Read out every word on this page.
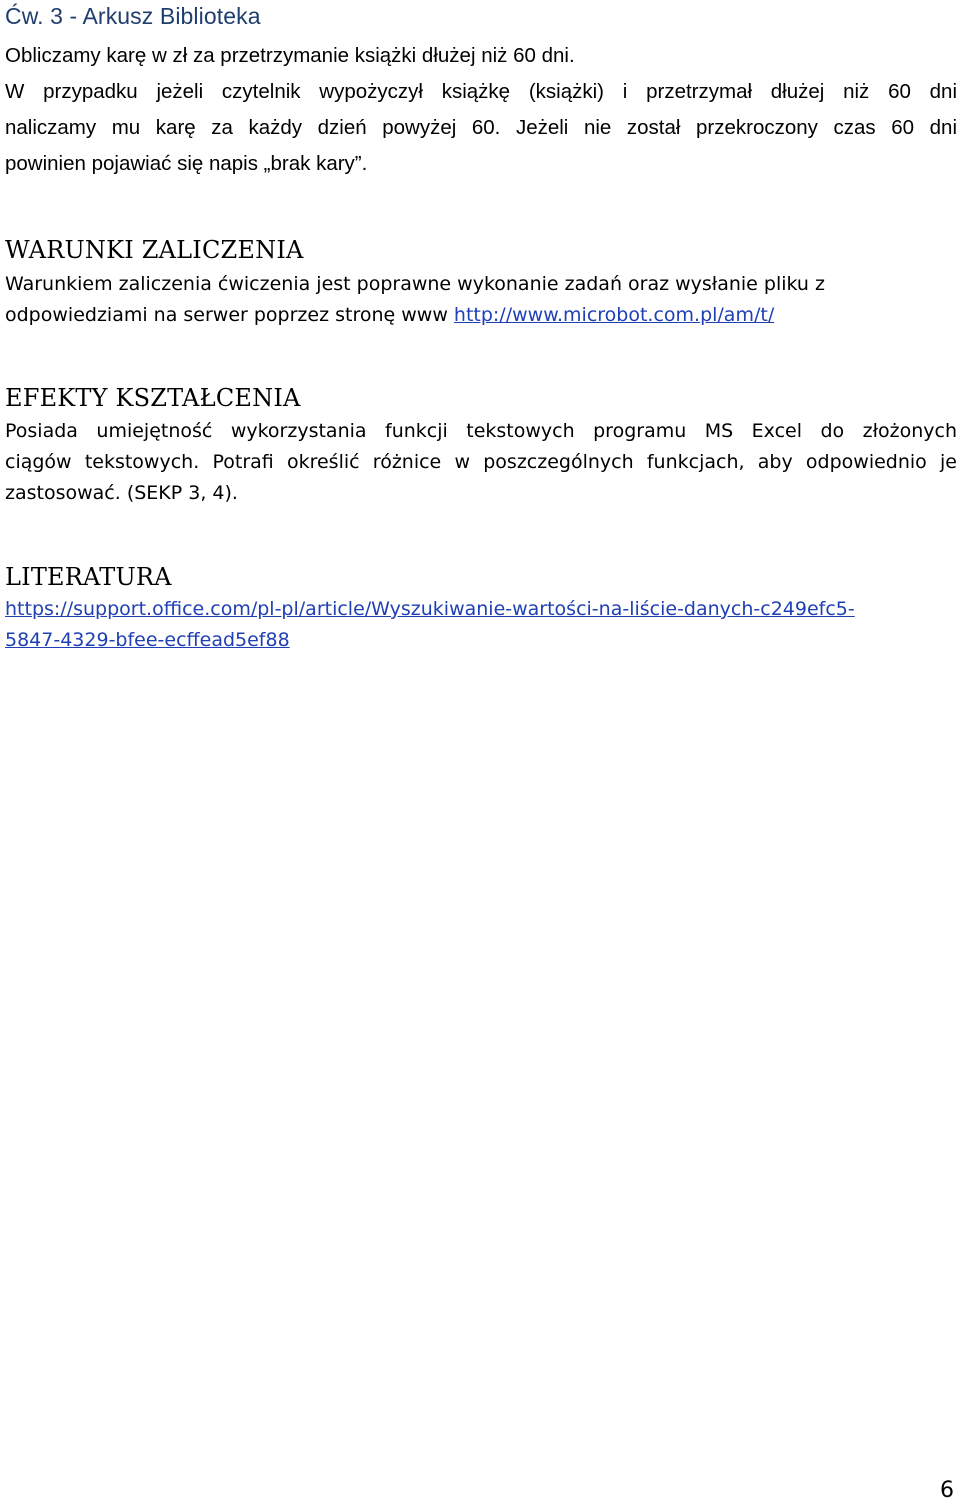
Ćw. 3 - Arkusz Biblioteka
Obliczamy karę w zł za przetrzymanie książki dłużej niż 60 dni.
W przypadku jeżeli czytelnik wypożyczył książkę (książki) i przetrzymał dłużej niż 60 dni
naliczamy mu karę za każdy dzień powyżej 60. Jeżeli nie został przekroczony czas 60 dni
powinien pojawiać się napis „brak kary”.
WARUNKI ZALICZENIA
Warunkiem zaliczenia ćwiczenia jest poprawne wykonanie zadań oraz wysłanie pliku z
odpowiedziami na serwer poprzez stronę www http://www.microbot.com.pl/am/t/
EFEKTY KSZTAŁCENIA
Posiada umiejętność wykorzystania funkcji tekstowych programu MS Excel do złożonych
ciągów tekstowych. Potrafi określić różnice w poszczególnych funkcjach, aby odpowiednio je
zastosować. (SEKP 3, 4).
LITERATURA
https://support.office.com/pl-pl/article/Wyszukiwanie-wartości-na-liście-danych-c249efc5-
5847-4329-bfee-ecffead5ef88
6
